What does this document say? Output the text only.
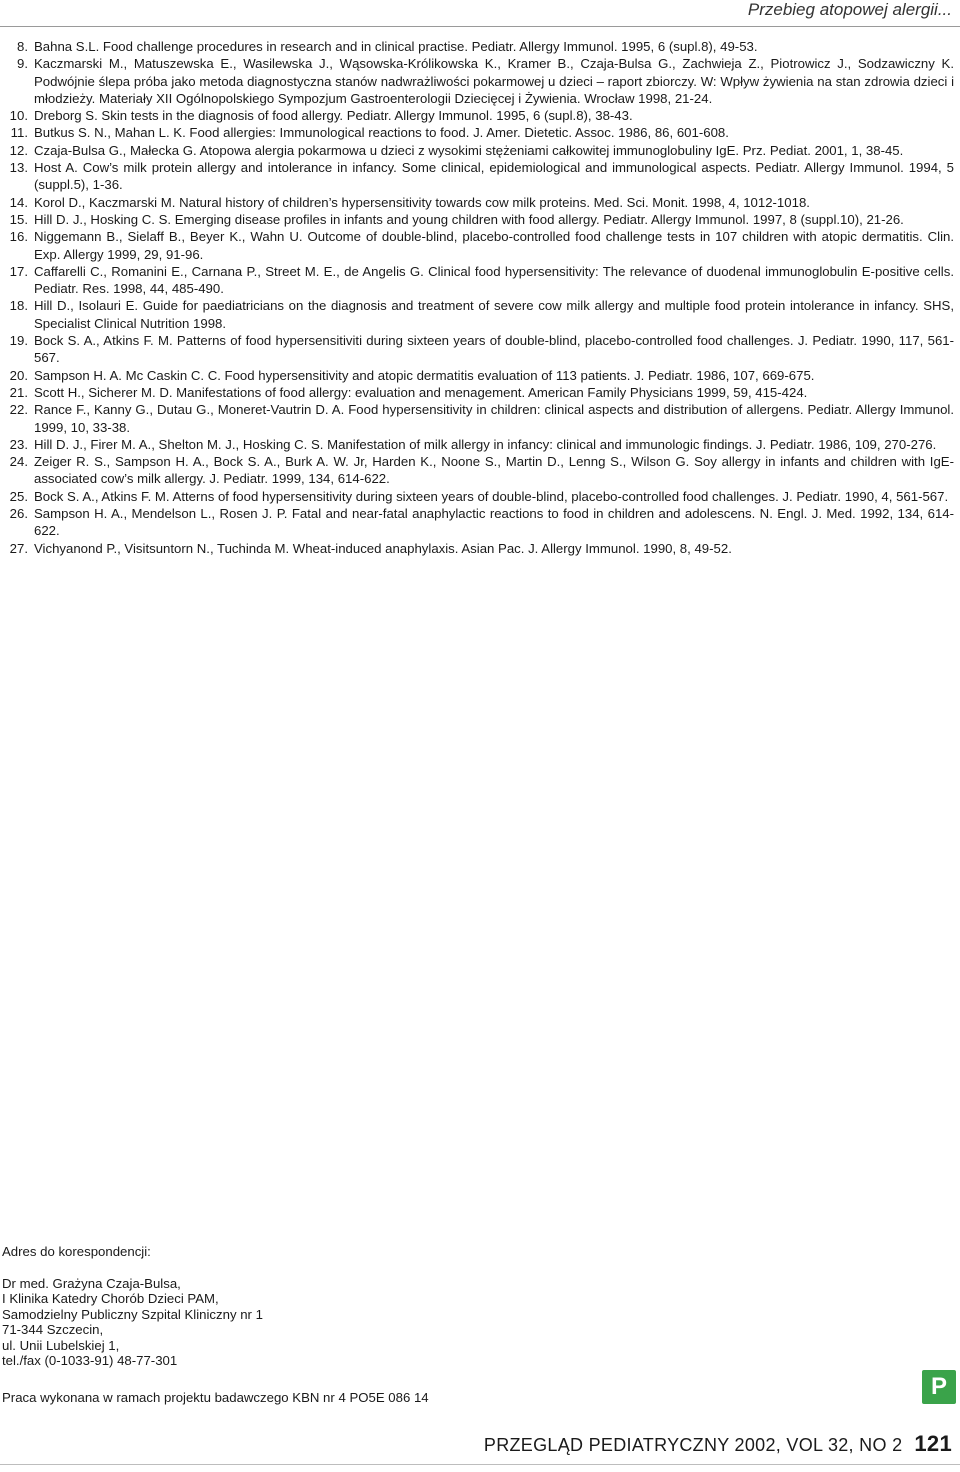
Przebieg atopowej alergii...
8. Bahna S.L. Food challenge procedures in research and in clinical practise. Pediatr. Allergy Immunol. 1995, 6 (supl.8), 49-53.
9. Kaczmarski M., Matuszewska E., Wasilewska J., Wąsowska-Królikowska K., Kramer B., Czaja-Bulsa G., Zachwieja Z., Piotrowicz J., Sodzawiczny K. Podwójnie ślepa próba jako metoda diagnostyczna stanów nadwrażliwości pokarmowej u dzieci – raport zbiorczy. W: Wpływ żywienia na stan zdrowia dzieci i młodzieży. Materiały XII Ogólnopolskiego Sympozjum Gastroenterologii Dziecięcej i Żywienia. Wrocław 1998, 21-24.
10. Dreborg S. Skin tests in the diagnosis of food allergy. Pediatr. Allergy Immunol. 1995, 6 (supl.8), 38-43.
11. Butkus S. N., Mahan L. K. Food allergies: Immunological reactions to food. J. Amer. Dietetic. Assoc. 1986, 86, 601-608.
12. Czaja-Bulsa G., Małecka G. Atopowa alergia pokarmowa u dzieci z wysokimi stężeniami całkowitej immunoglobuliny IgE. Prz. Pediat. 2001, 1, 38-45.
13. Host A. Cow’s milk protein allergy and intolerance in infancy. Some clinical, epidemiological and immunological aspects. Pediatr. Allergy Immunol. 1994, 5 (suppl.5), 1-36.
14. Korol D., Kaczmarski M. Natural history of children’s hypersensitivity towards cow milk proteins. Med. Sci. Monit. 1998, 4, 1012-1018.
15. Hill D. J., Hosking C. S. Emerging disease profiles in infants and young children with food allergy. Pediatr. Allergy Immunol. 1997, 8 (suppl.10), 21-26.
16. Niggemann B., Sielaff B., Beyer K., Wahn U. Outcome of double-blind, placebo-controlled food challenge tests in 107 children with atopic dermatitis. Clin. Exp. Allergy 1999, 29, 91-96.
17. Caffarelli C., Romanini E., Carnana P., Street M. E., de Angelis G. Clinical food hypersensitivity: The relevance of duodenal immunoglobulin E-positive cells. Pediatr. Res. 1998, 44, 485-490.
18. Hill D., Isolauri E. Guide for paediatricians on the diagnosis and treatment of severe cow milk allergy and multiple food protein intolerance in infancy. SHS, Specialist Clinical Nutrition 1998.
19. Bock S. A., Atkins F. M. Patterns of food hypersensitiviti during sixteen years of double-blind, placebo-controlled food challenges. J. Pediatr. 1990, 117, 561-567.
20. Sampson H. A. Mc Caskin C. C. Food hypersensitivity and atopic dermatitis evaluation of 113 patients. J. Pediatr. 1986, 107, 669-675.
21. Scott H., Sicherer M. D. Manifestations of food allergy: evaluation and menagement. American Family Physicians 1999, 59, 415-424.
22. Rance F., Kanny G., Dutau G., Moneret-Vautrin D. A. Food hypersensitivity in children: clinical aspects and distribution of allergens. Pediatr. Allergy Immunol. 1999, 10, 33-38.
23. Hill D. J., Firer M. A., Shelton M. J., Hosking C. S. Manifestation of milk allergy in infancy: clinical and immunologic findings. J. Pediatr. 1986, 109, 270-276.
24. Zeiger R. S., Sampson H. A., Bock S. A., Burk A. W. Jr, Harden K., Noone S., Martin D., Lenng S., Wilson G. Soy allergy in infants and children with IgE-associated cow’s milk allergy. J. Pediatr. 1999, 134, 614-622.
25. Bock S. A., Atkins F. M. Atterns of food hypersensitivity during sixteen years of double-blind, placebo-controlled food challenges. J. Pediatr. 1990, 4, 561-567.
26. Sampson H. A., Mendelson L., Rosen J. P. Fatal and near-fatal anaphylactic reactions to food in children and adolescens. N. Engl. J. Med. 1992, 134, 614-622.
27. Vichyanond P., Visitsuntorn N., Tuchinda M. Wheat-induced anaphylaxis. Asian Pac. J. Allergy Immunol. 1990, 8, 49-52.
Adres do korespondencji:
Dr med. Grażyna Czaja-Bulsa,
I Klinika Katedry Chorób Dzieci PAM,
Samodzielny Publiczny Szpital Kliniczny nr 1
71-344 Szczecin,
ul. Unii Lubelskiej 1,
tel./fax (0-1033-91) 48-77-301
Praca wykonana w ramach projektu badawczego KBN nr 4 PO5E 086 14	P
PRZEGLĄD PEDIATRYCZNY 2002, VOL 32, NO 2 121
